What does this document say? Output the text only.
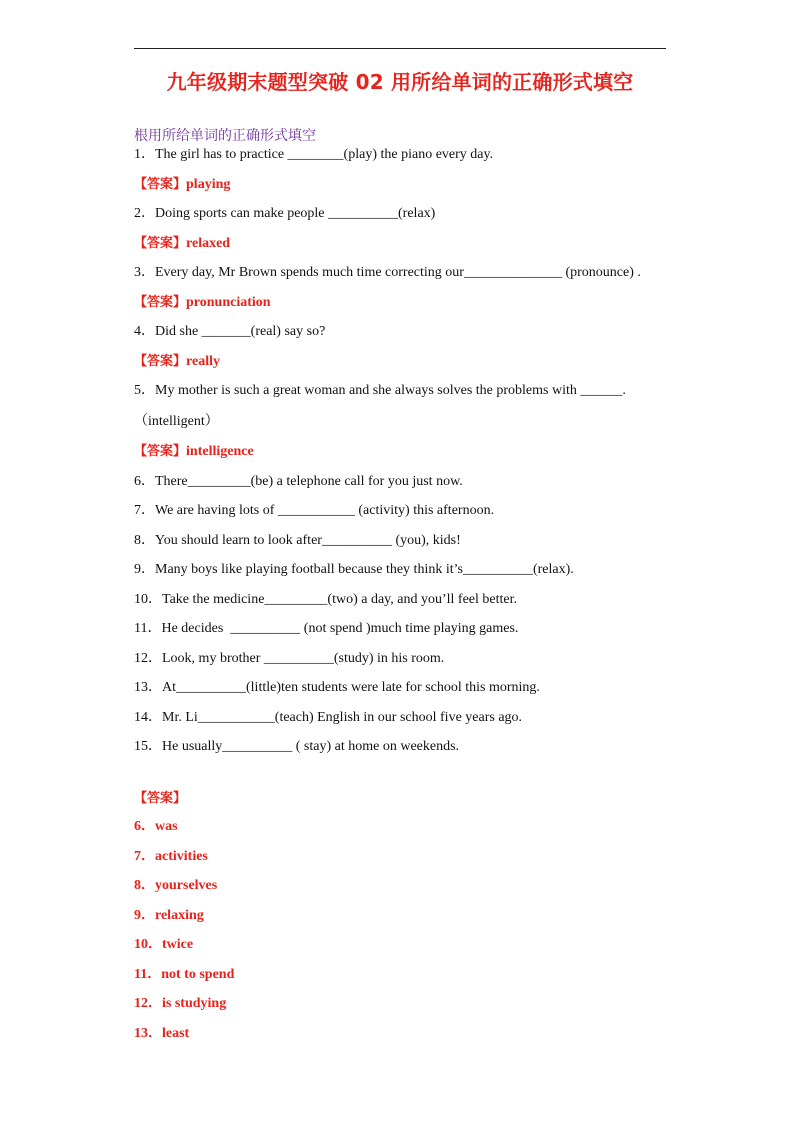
九年级期末题型突破 02 用所给单词的正确形式填空
根用所给单词的正确形式填空
1．The girl has to practice ________(play) the piano every day.
【答案】playing
2．Doing sports can make people __________(relax)
【答案】relaxed
3．Every day, Mr Brown spends much time correcting our______________ (pronounce) .
【答案】pronunciation
4．Did she _______(real) say so?
【答案】really
5．My mother is such a great woman and she always solves the problems with ______.
（intelligent）
【答案】intelligence
6．There_________(be) a telephone call for you just now.
7．We are having lots of ___________ (activity) this afternoon.
8．You should learn to look after__________ (you), kids!
9．Many boys like playing football because they think it’s__________(relax).
10．Take the medicine_________(two) a day, and you’ll feel better.
11．He decides  __________ (not spend )much time playing games.
12．Look, my brother __________(study) in his room.
13．At__________(little)ten students were late for school this morning.
14．Mr. Li___________(teach) English in our school five years ago.
15．He usually__________ ( stay) at home on weekends.
【答案】
6．was
7．activities
8．yourselves
9．relaxing
10．twice
11．not to spend
12．is studying
13．least
